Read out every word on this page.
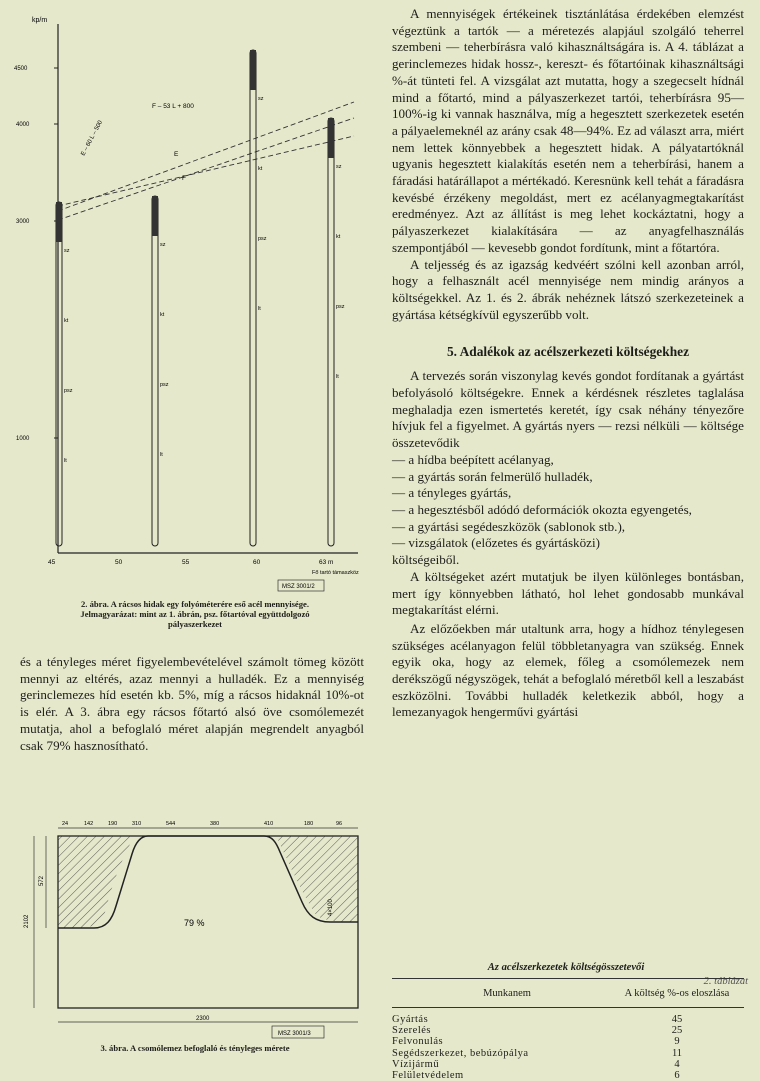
kp/m
4500
4000
3000
1000
45	50	55	60	63 m
Fő tartó támaszköz
F – 53 L + 800
E – 60 L – 500	E
F
MSZ 3001/2
sz
kt
psz
lt
sz
kt
psz
lt
sz
kt
psz
lt
sz
kt
psz
lt
2. ábra. A rácsos hidak egy folyóméterére eső acél mennyisége.
Jelmagyarázat: mint az 1. ábrán, psz. főtartóval együttdolgozó
pályaszerkezet

és a tényleges méret figyelembevételével számolt tömeg között mennyi az eltérés, azaz mennyi a hulladék. Ez a mennyiség gerinclemezes híd esetén kb. 5%, míg a rácsos hidaknál 10%-ot is elér. A 3. ábra egy rácsos főtartó alsó öve csomólemezét mutatja, ahol a befoglaló méret alapján megrendelt anyagból csak 79% hasznosítható.

24	142	190	310	544	380	410	180	96
79 %
2102
572
4×100
2300
MSZ 3001/3
3. ábra. A csomólemez befoglaló és tényleges mérete

A mennyiségek értékeinek tisztánlátása érdekében elemzést végeztünk a tartók — a méretezés alapjául szolgáló teherrel szembeni — teherbírásra való kihasználtságára is. A 4. táblázat a gerinclemezes hidak hossz-, kereszt- és főtartóinak kihasználtsági %-át tünteti fel. A vizsgálat azt mutatta, hogy a szegecselt hídnál mind a főtartó, mind a pályaszerkezet tartói, teherbírásra 95—100%-ig ki vannak használva, míg a hegesztett szerkezetek esetén a pályaelemeknél az arány csak 48—94%. Ez ad választ arra, miért nem lettek könnyebbek a hegesztett hidak. A pályatartóknál ugyanis hegesztett kialakítás esetén nem a teherbírási, hanem a fáradási határállapot a mértékadó. Keresnünk kell tehát a fáradásra kevésbé érzékeny megoldást, mert ez acélanyagmegtakarítást eredményez. Azt az állítást is meg lehet kockáztatni, hogy a pályaszerkezet kialakítására — az anyagfelhasználás szempontjából — kevesebb gondot fordítunk, mint a főtartóra.

A teljesség és az igazság kedvéért szólni kell azonban arról, hogy a felhasznált acél mennyisége nem mindig arányos a költségekkel. Az 1. és 2. ábrák nehéznek látszó szerkezeteinek a gyártása kétségkívül egyszerűbb volt.

5. Adalékok az acélszerkezeti költségekhez

A tervezés során viszonylag kevés gondot fordítanak a gyártást befolyásoló költségekre. Ennek a kérdésnek részletes taglalása meghaladja ezen ismertetés keretét, így csak néhány tényezőre hívjuk fel a figyelmet. A gyártás nyers — rezsi nélküli — költsége összetevődik

— a hídba beépített acélanyag,
— a gyártás során felmerülő hulladék,
— a tényleges gyártás,
— a hegesztésből adódó deformációk okozta egyengetés,
— a gyártási segédeszközök (sablonok stb.),
— vizsgálatok (előzetes és gyártásközi)
költségeiből.

A költségeket azért mutatjuk be ilyen különleges bontásban, mert így könnyebben látható, hol lehet gondosabb munkával megtakarítást elérni.

Az előzőekben már utaltunk arra, hogy a hídhoz ténylegesen szükséges acélanyagon felül többletanyagra van szükség. Ennek egyik oka, hogy az elemek, főleg a csomólemezek nem derékszögű négyszögek, tehát a befoglaló méretből kell a leszabást eszközölni. További hulladék keletkezik abból, hogy a lemezanyagok hengerművi gyártási

2. táblázat
Az acélszerkezetek költségösszetevői
Munkanem	A költség %-os eloszlása
Gyártás	45
Szerelés	25
Felvonulás	9
Segédszerkezet, bebúzópálya	11
Vízijármű	4
Felületvédelem	6
